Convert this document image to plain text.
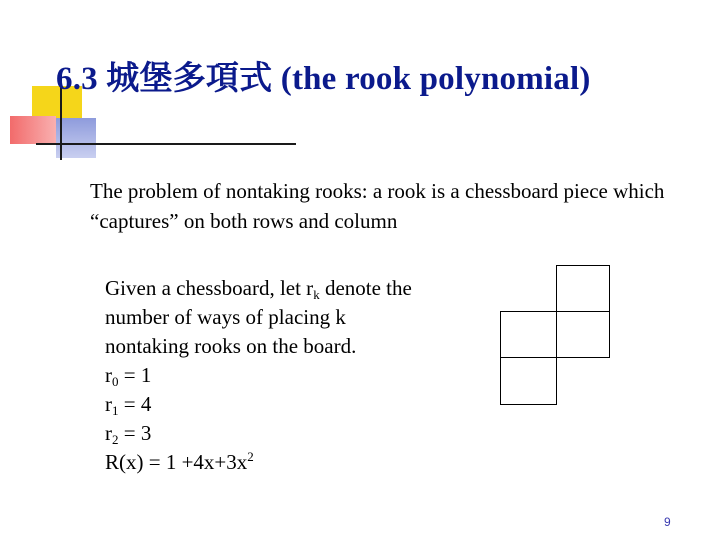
6.3 城堡多項式 (the rook polynomial)
The problem of nontaking rooks: a rook is a chessboard piece which “captures” on both rows and column
Given a chessboard, let $r_k$ denote the
number of ways of placing k
nontaking rooks on the board.
$r_0 = 1$
$r_1 = 4$
$r_2 = 3$
$R(x) = 1 +4x+3x^2$
9
